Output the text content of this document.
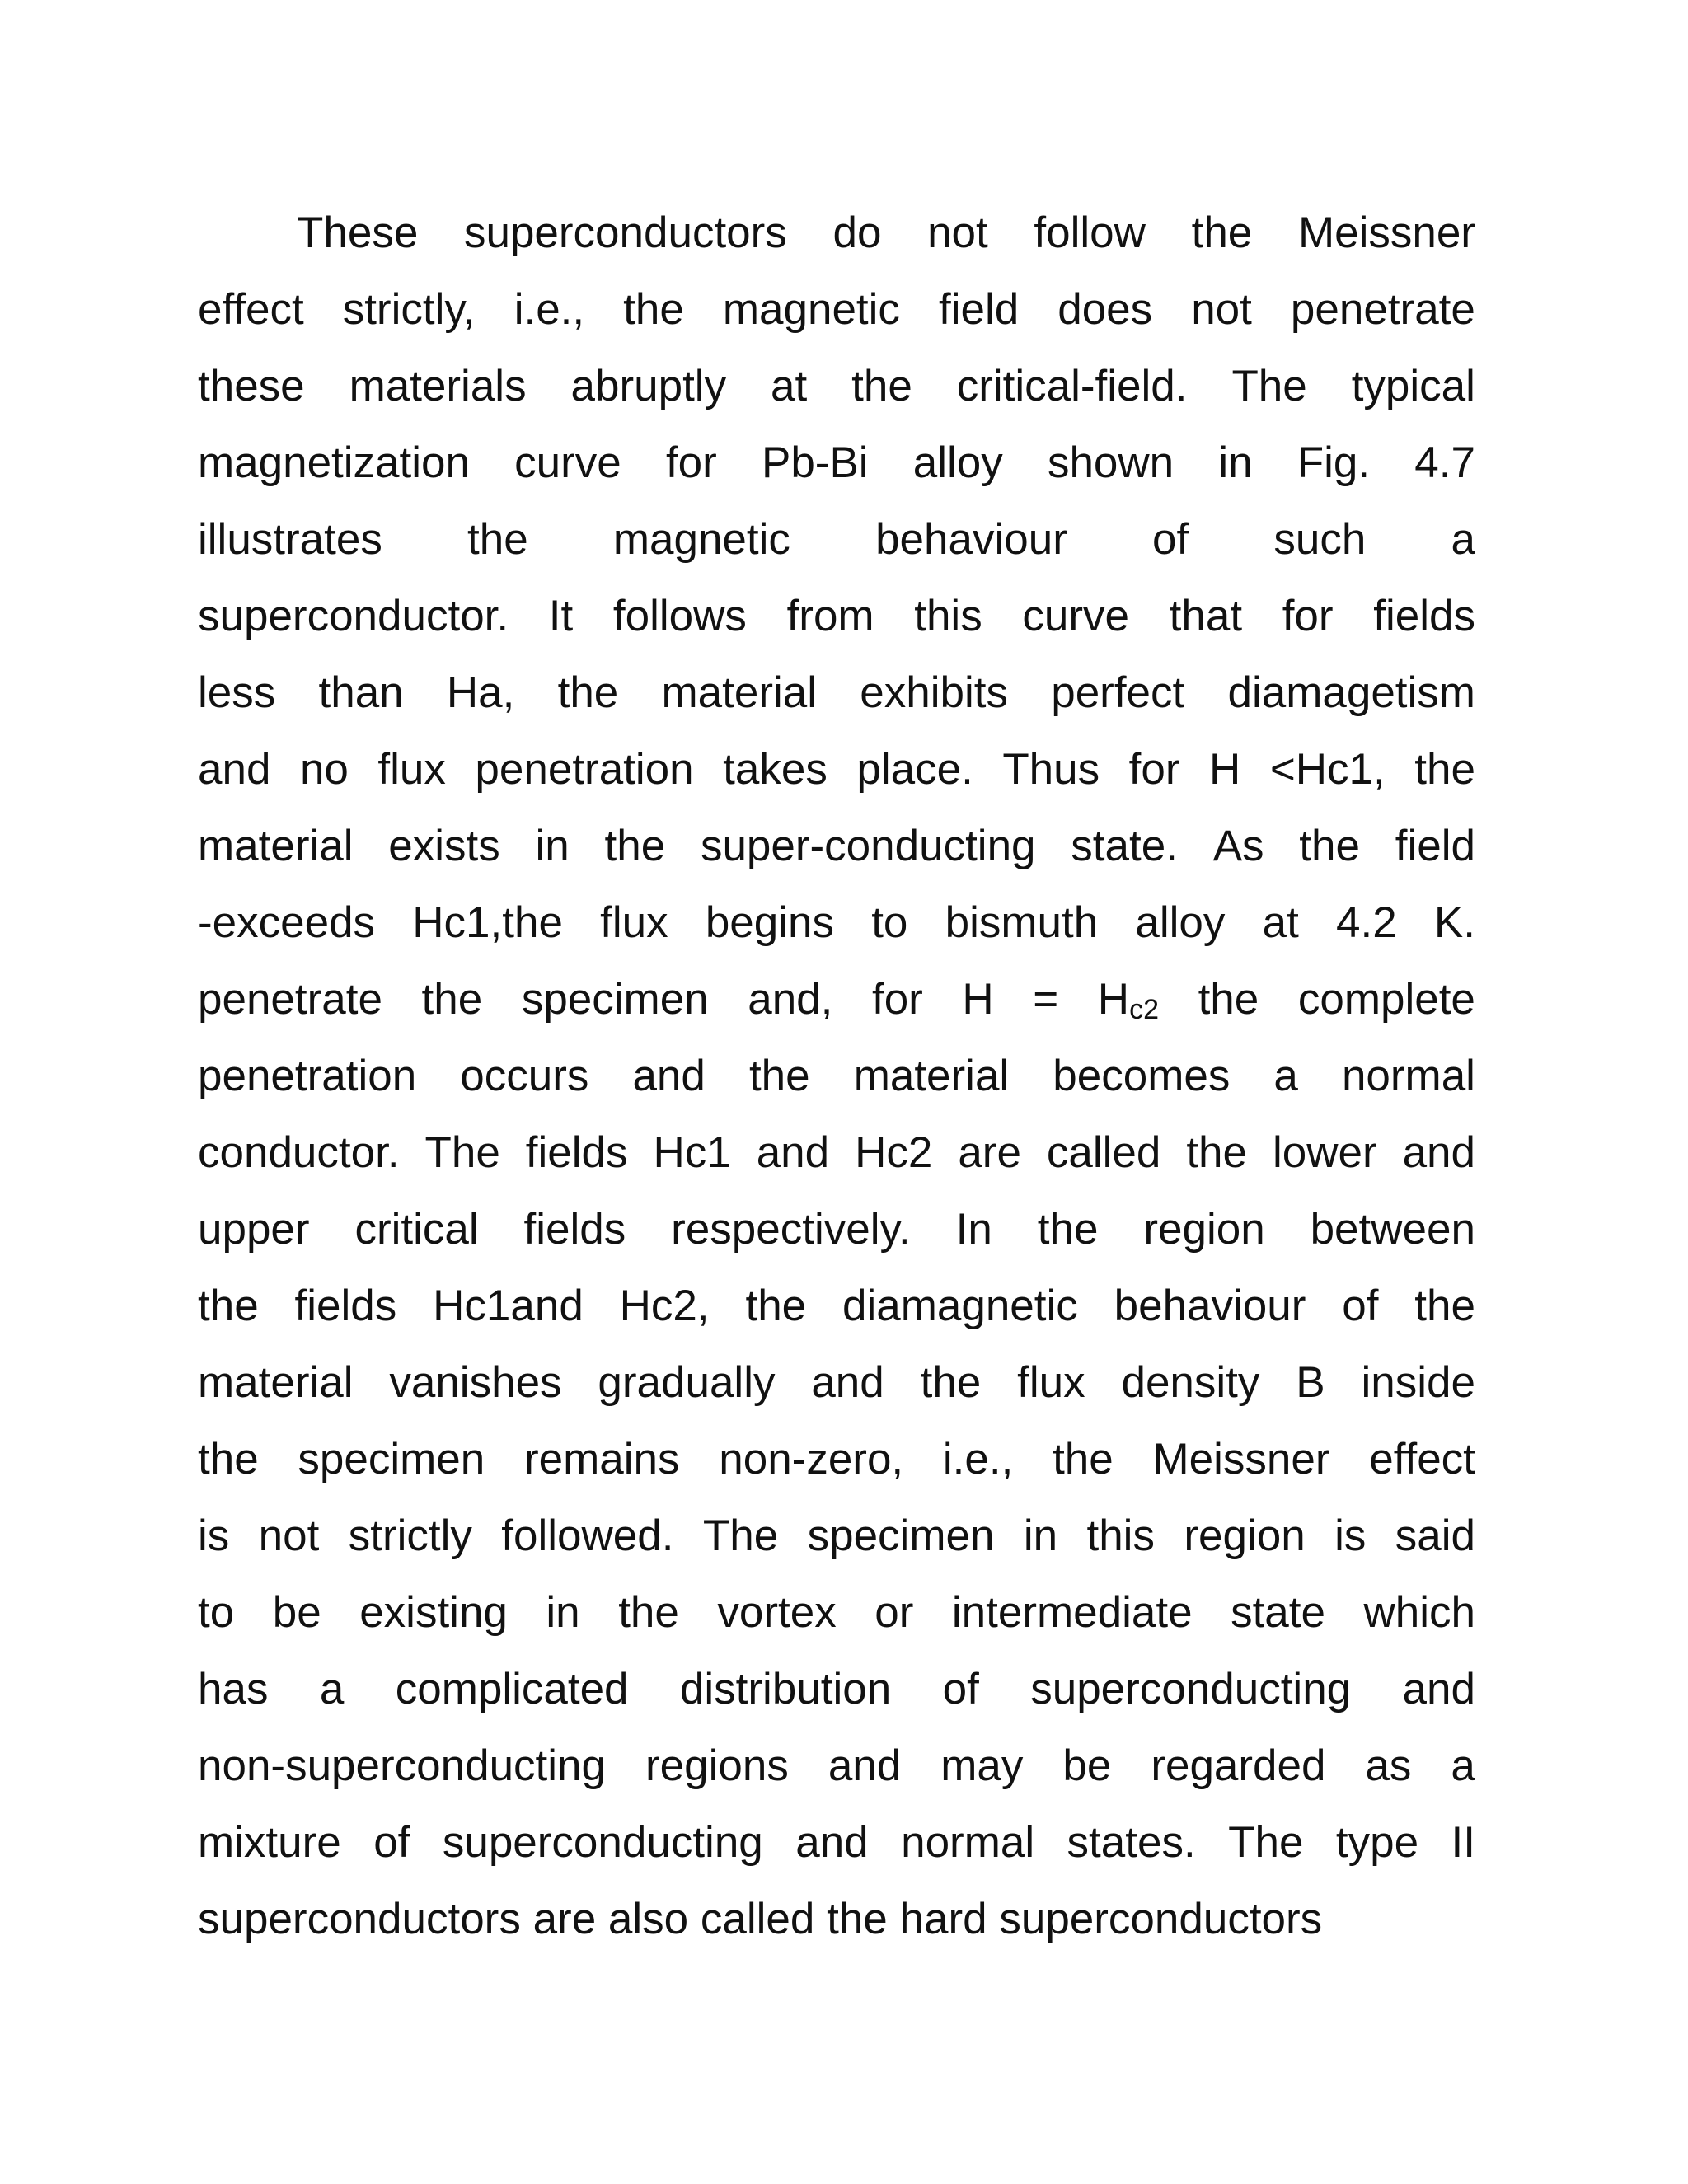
These superconductors do not follow the Meissner
effect strictly, i.e., the magnetic field does not penetrate
these materials abruptly at the critical-field. The typical
magnetization curve for Pb-Bi alloy shown in Fig. 4.7
illustrates the magnetic behaviour of such a
superconductor. It follows from this curve that for fields
less than Ha, the material exhibits perfect diamagetism
and no flux penetration takes place. Thus for H <Hc1, the
material exists in the super-conducting state. As the field
-exceeds Hc1,the flux begins to bismuth alloy at 4.2 K.
penetrate the specimen and, for H = Hc2 the complete
penetration occurs and the material becomes a normal
conductor. The fields Hc1 and Hc2 are called the lower and
upper critical fields respectively. In the region between
the fields Hc1and Hc2, the diamagnetic behaviour of the
material vanishes gradually and the flux density B inside
the specimen remains non-zero, i.e., the Meissner effect
is not strictly followed. The specimen in this region is said
to be existing in the vortex or intermediate state which
has a complicated distribution of superconducting and
non-superconducting regions and may be regarded as a
mixture of superconducting and normal states. The type II
superconductors
are
also
called
the
hard
superconductors
